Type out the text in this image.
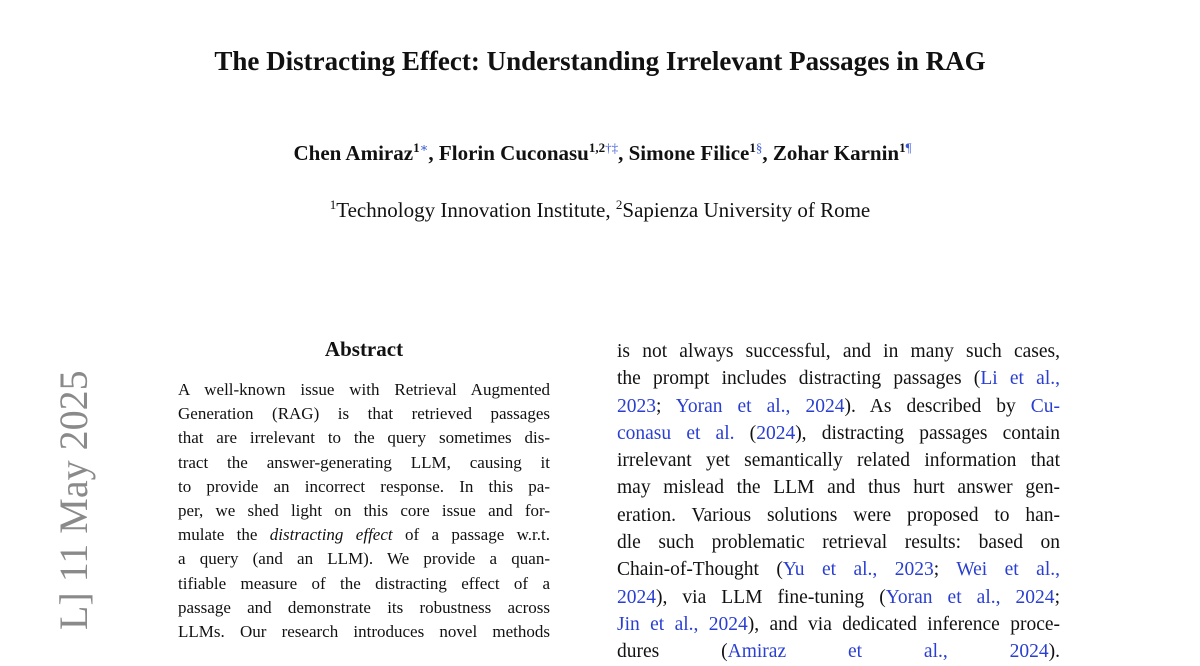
The Distracting Effect: Understanding Irrelevant Passages in RAG
Chen Amiraz$^{1∗}$, Florin Cuconasu$^{1,2\dagger\ddagger}$, Simone Filice$^{1\S}$, Zohar Karnin$^{1\P}$
$^1$Technology Innovation Institute, $^2$Sapienza University of Rome
L] 11 May 2025
Abstract
A well-known issue with Retrieval Augmented
Generation (RAG) is that retrieved passages
that are irrelevant to the query sometimes dis-
tract the answer-generating LLM, causing it
to provide an incorrect response. In this pa-
per, we shed light on this core issue and for-
mulate the distracting effect of a passage w.r.t.
a query (and an LLM). We provide a quan-
tifiable measure of the distracting effect of a
passage and demonstrate its robustness across
LLMs. Our research introduces novel methods
is not always successful, and in many such cases,
the prompt includes distracting passages (Li et al.,
2023; Yoran et al., 2024). As described by Cu-
conasu et al. (2024), distracting passages contain
irrelevant yet semantically related information that
may mislead the LLM and thus hurt answer gen-
eration. Various solutions were proposed to han-
dle such problematic retrieval results: based on
Chain-of-Thought (Yu et al., 2023; Wei et al.,
2024), via LLM fine-tuning (Yoran et al., 2024;
Jin et al., 2024), and via dedicated inference proce-
dures (Amiraz et al., 2024).
